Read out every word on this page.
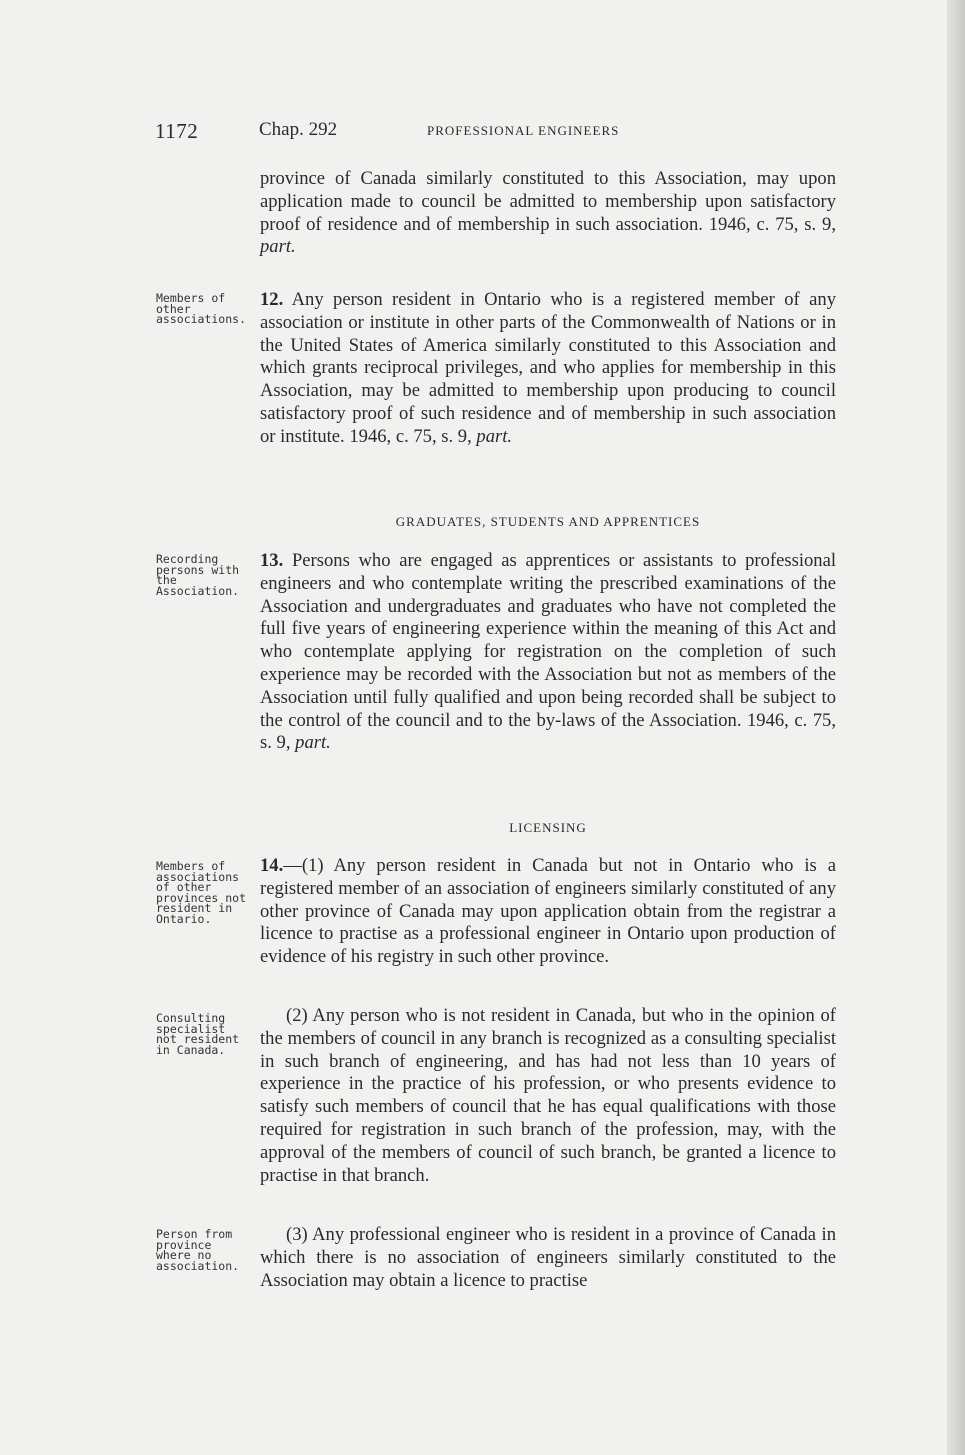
1172	Chap. 292	PROFESSIONAL ENGINEERS

province of Canada similarly constituted to this Association, may upon application made to council be admitted to membership upon satisfactory proof of residence and of membership in such association. 1946, c. 75, s. 9, part.

Members of other associations.

12. Any person resident in Ontario who is a registered member of any association or institute in other parts of the Commonwealth of Nations or in the United States of America similarly constituted to this Association and which grants reciprocal privileges, and who applies for membership in this Association, may be admitted to membership upon producing to council satisfactory proof of such residence and of membership in such association or institute. 1946, c. 75, s. 9, part.

GRADUATES, STUDENTS AND APPRENTICES

Recording persons with the Association.

13. Persons who are engaged as apprentices or assistants to professional engineers and who contemplate writing the prescribed examinations of the Association and undergraduates and graduates who have not completed the full five years of engineering experience within the meaning of this Act and who contemplate applying for registration on the completion of such experience may be recorded with the Association but not as members of the Association until fully qualified and upon being recorded shall be subject to the control of the council and to the by-laws of the Association. 1946, c. 75, s. 9, part.

LICENSING

Members of associations of other provinces not resident in Ontario.

14.—(1) Any person resident in Canada but not in Ontario who is a registered member of an association of engineers similarly constituted of any other province of Canada may upon application obtain from the registrar a licence to practise as a professional engineer in Ontario upon production of evidence of his registry in such other province.

Consulting specialist not resident in Canada.

(2) Any person who is not resident in Canada, but who in the opinion of the members of council in any branch is recognized as a consulting specialist in such branch of engineering, and has had not less than 10 years of experience in the practice of his profession, or who presents evidence to satisfy such members of council that he has equal qualifications with those required for registration in such branch of the profession, may, with the approval of the members of council of such branch, be granted a licence to practise in that branch.

Person from province where no association.

(3) Any professional engineer who is resident in a province of Canada in which there is no association of engineers similarly constituted to the Association may obtain a licence to practise
